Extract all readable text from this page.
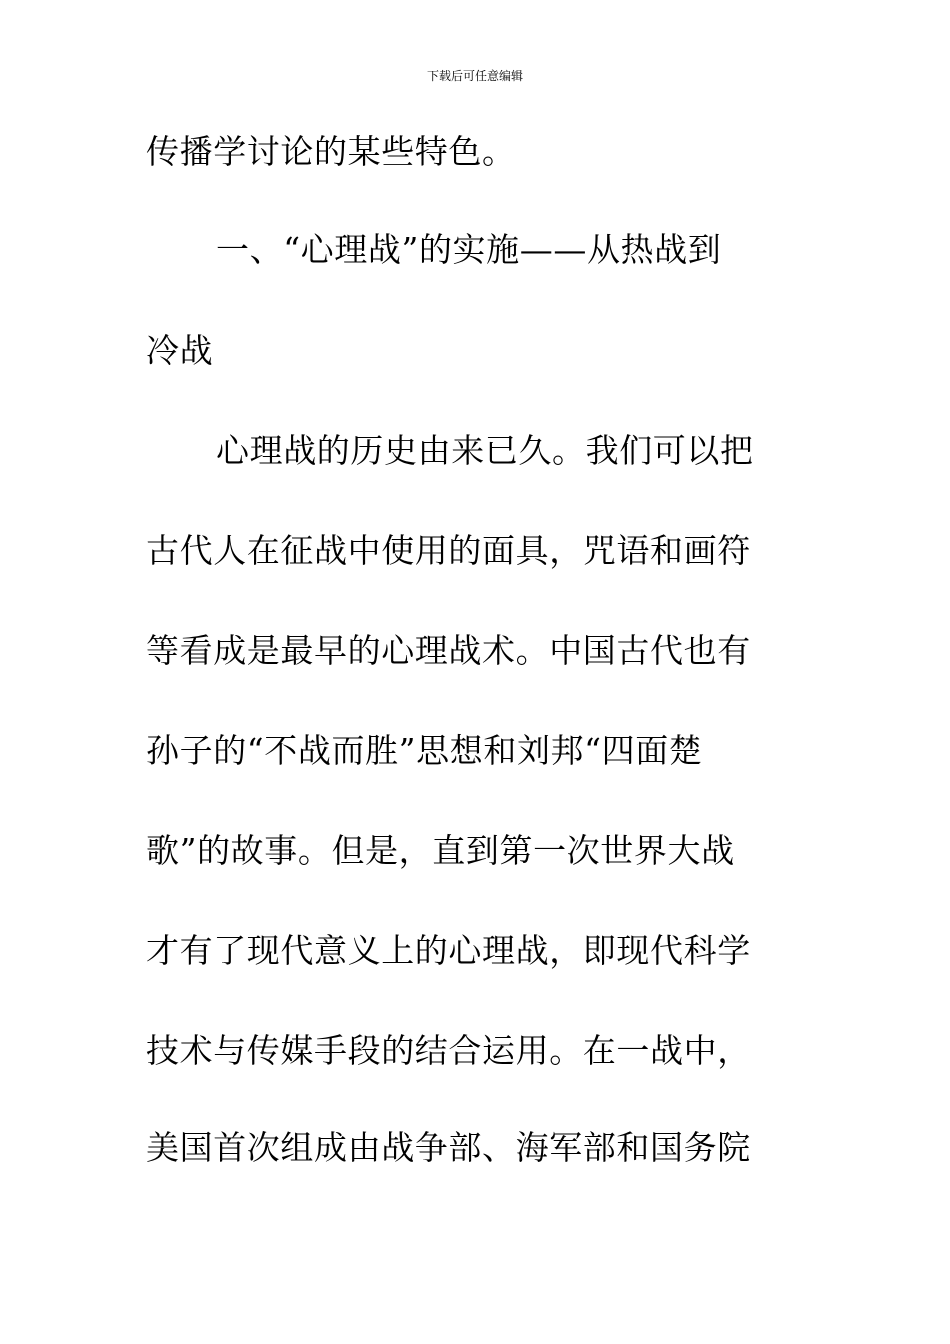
下载后可任意编辑
传播学讨论的某些特色。
一、“心理战”的实施——从热战到
冷战
心理战的历史由来已久。我们可以把
古代人在征战中使用的面具，咒语和画符
等看成是最早的心理战术。中国古代也有
孙子的“不战而胜”思想和刘邦“四面楚
歌”的故事。但是，直到第一次世界大战
才有了现代意义上的心理战，即现代科学
技术与传媒手段的结合运用。在一战中，
美国首次组成由战争部、海军部和国务院
